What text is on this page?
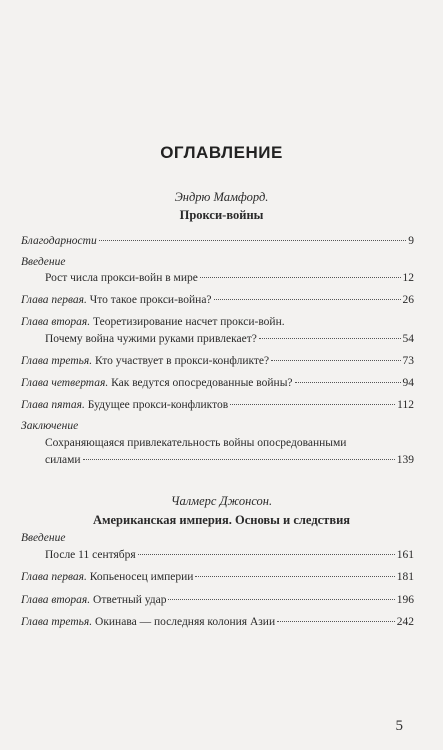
ОГЛАВЛЕНИЕ
Эндрю Мамфорд.
Прокси-войны
Благодарности	9
Введение
Рост числа прокси-войн в мире	12
Глава первая. Что такое прокси-война?	26
Глава вторая. Теоретизирование насчет прокси-войн.
Почему война чужими руками привлекает?	54
Глава третья. Кто участвует в прокси-конфликте?	73
Глава четвертая. Как ведутся опосредованные войны?	94
Глава пятая. Будущее прокси-конфликтов	112
Заключение
Сохраняющаяся привлекательность войны опосредованными
силами	139
Чалмерс Джонсон.
Американская империя. Основы и следствия
Введение
После 11 сентября	161
Глава первая. Копьеносец империи	181
Глава вторая. Ответный удар	196
Глава третья. Окинава — последняя колония Азии	242
5
